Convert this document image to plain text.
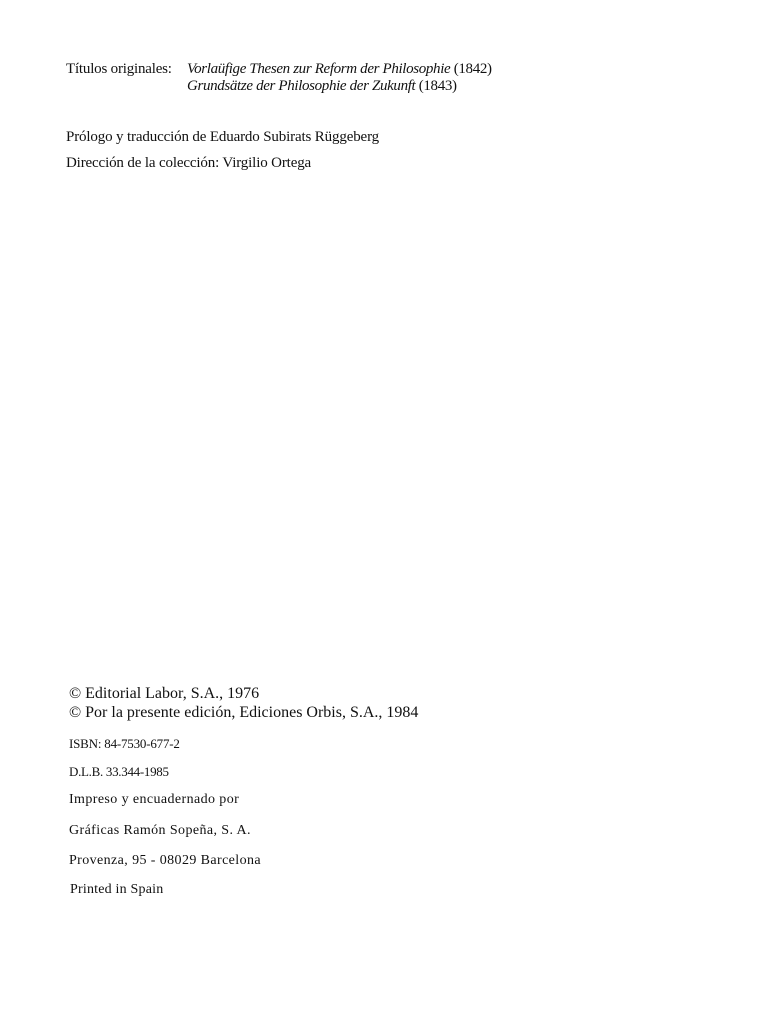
Títulos originales: Vorlaüfige Thesen zur Reform der Philosophie (1842)
Grundsätze der Philosophie der Zukunft (1843)
Prólogo y traducción de Eduardo Subirats Rüggeberg
Dirección de la colección: Virgilio Ortega
© Editorial Labor, S.A., 1976
© Por la presente edición, Ediciones Orbis, S.A., 1984
ISBN: 84-7530-677-2
D.L.B. 33.344-1985
Impreso y encuadernado por
Gráficas Ramón Sopeña, S. A.
Provenza, 95 - 08029 Barcelona
Printed in Spain
